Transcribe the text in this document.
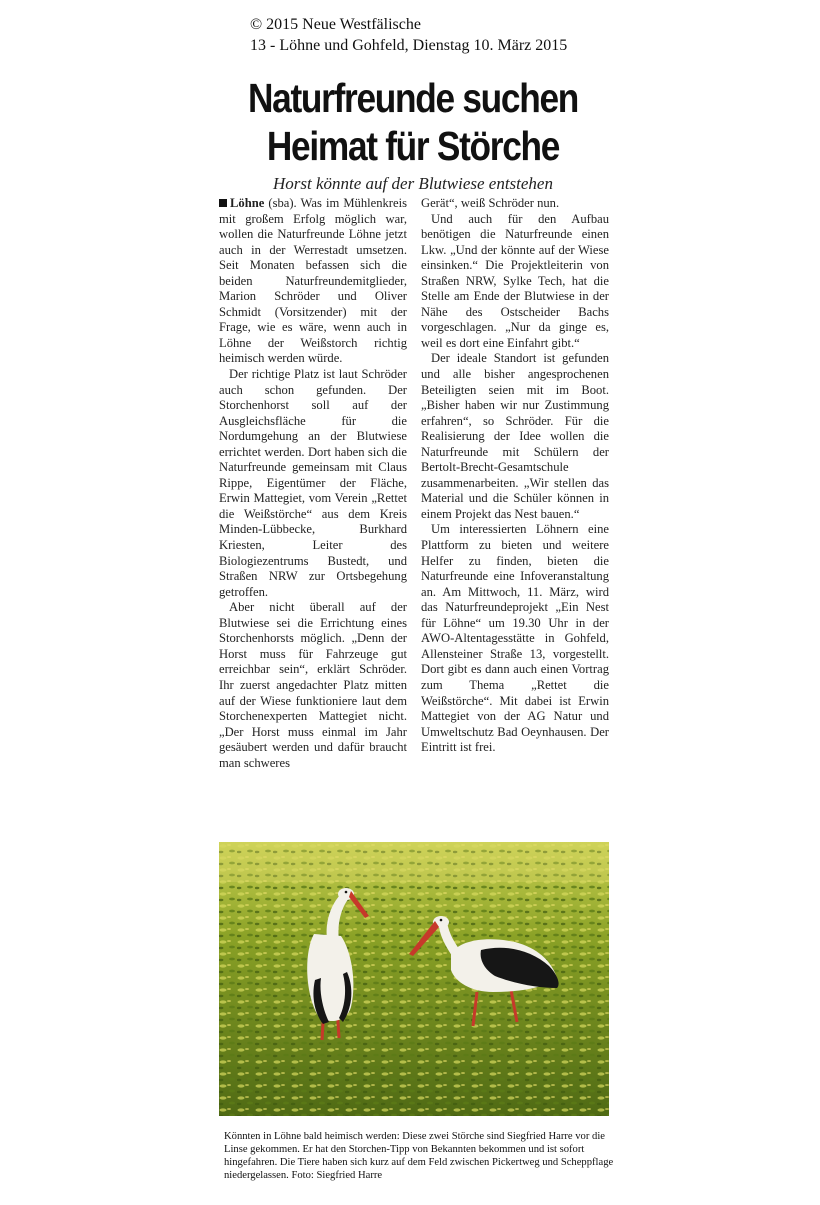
© 2015 Neue Westfälische
13 - Löhne und Gohfeld, Dienstag 10. März 2015
Naturfreunde suchen
Heimat für Störche
Horst könnte auf der Blutwiese entstehen

Löhne (sba). Was im Mühlenkreis mit großem Erfolg möglich war, wollen die Naturfreunde Löhne jetzt auch in der Werrestadt umsetzen. Seit Monaten befassen sich die beiden Naturfreundemitglieder, Marion Schröder und Oliver Schmidt (Vorsitzender) mit der Frage, wie es wäre, wenn auch in Löhne der Weißstorch richtig heimisch werden würde.

Der richtige Platz ist laut Schröder auch schon gefunden. Der Storchenhorst soll auf der Ausgleichsfläche für die Nordumgehung an der Blutwiese errichtet werden. Dort haben sich die Naturfreunde gemeinsam mit Claus Rippe, Eigentümer der Fläche, Erwin Mattegiet, vom Verein „Rettet die Weißstörche“ aus dem Kreis Minden-Lübbecke, Burkhard Kriesten, Leiter des Biologiezentrums Bustedt, und Straßen NRW zur Ortsbegehung getroffen.

Aber nicht überall auf der Blutwiese sei die Errichtung eines Storchenhorsts möglich. „Denn der Horst muss für Fahrzeuge gut erreichbar sein“, erklärt Schröder. Ihr zuerst angedachter Platz mitten auf der Wiese funktioniere laut dem Storchenexperten Mattegiet nicht. „Der Horst muss einmal im Jahr gesäubert werden und dafür braucht man schweres

Gerät“, weiß Schröder nun.

Und auch für den Aufbau benötigen die Naturfreunde einen Lkw. „Und der könnte auf der Wiese einsinken.“ Die Projektleiterin von Straßen NRW, Sylke Tech, hat die Stelle am Ende der Blutwiese in der Nähe des Ostscheider Bachs vorgeschlagen. „Nur da ginge es, weil es dort eine Einfahrt gibt.“

Der ideale Standort ist gefunden und alle bisher angesprochenen Beteiligten seien mit im Boot. „Bisher haben wir nur Zustimmung erfahren“, so Schröder. Für die Realisierung der Idee wollen die Naturfreunde mit Schülern der Bertolt-Brecht-Gesamtschule zusammenarbeiten. „Wir stellen das Material und die Schüler können in einem Projekt das Nest bauen.“

Um interessierten Löhnern eine Plattform zu bieten und weitere Helfer zu finden, bieten die Naturfreunde eine Infoveranstaltung an. Am Mittwoch, 11. März, wird das Naturfreundeprojekt „Ein Nest für Löhne“ um 19.30 Uhr in der AWO-Altentagesstätte in Gohfeld, Allensteiner Straße 13, vorgestellt. Dort gibt es dann auch einen Vortrag zum Thema „Rettet die Weißstörche“. Mit dabei ist Erwin Mattegiet von der AG Natur und Umweltschutz Bad Oeynhausen. Der Eintritt ist frei.

Könnten in Löhne bald heimisch werden: Diese zwei Störche sind Siegfried Harre vor die Linse gekommen. Er hat den Storchen-Tipp von Bekannten bekommen und ist sofort hingefahren. Die Tiere haben sich kurz auf dem Feld zwischen Pickertweg und Scheppflage niedergelassen. Foto: Siegfried Harre
